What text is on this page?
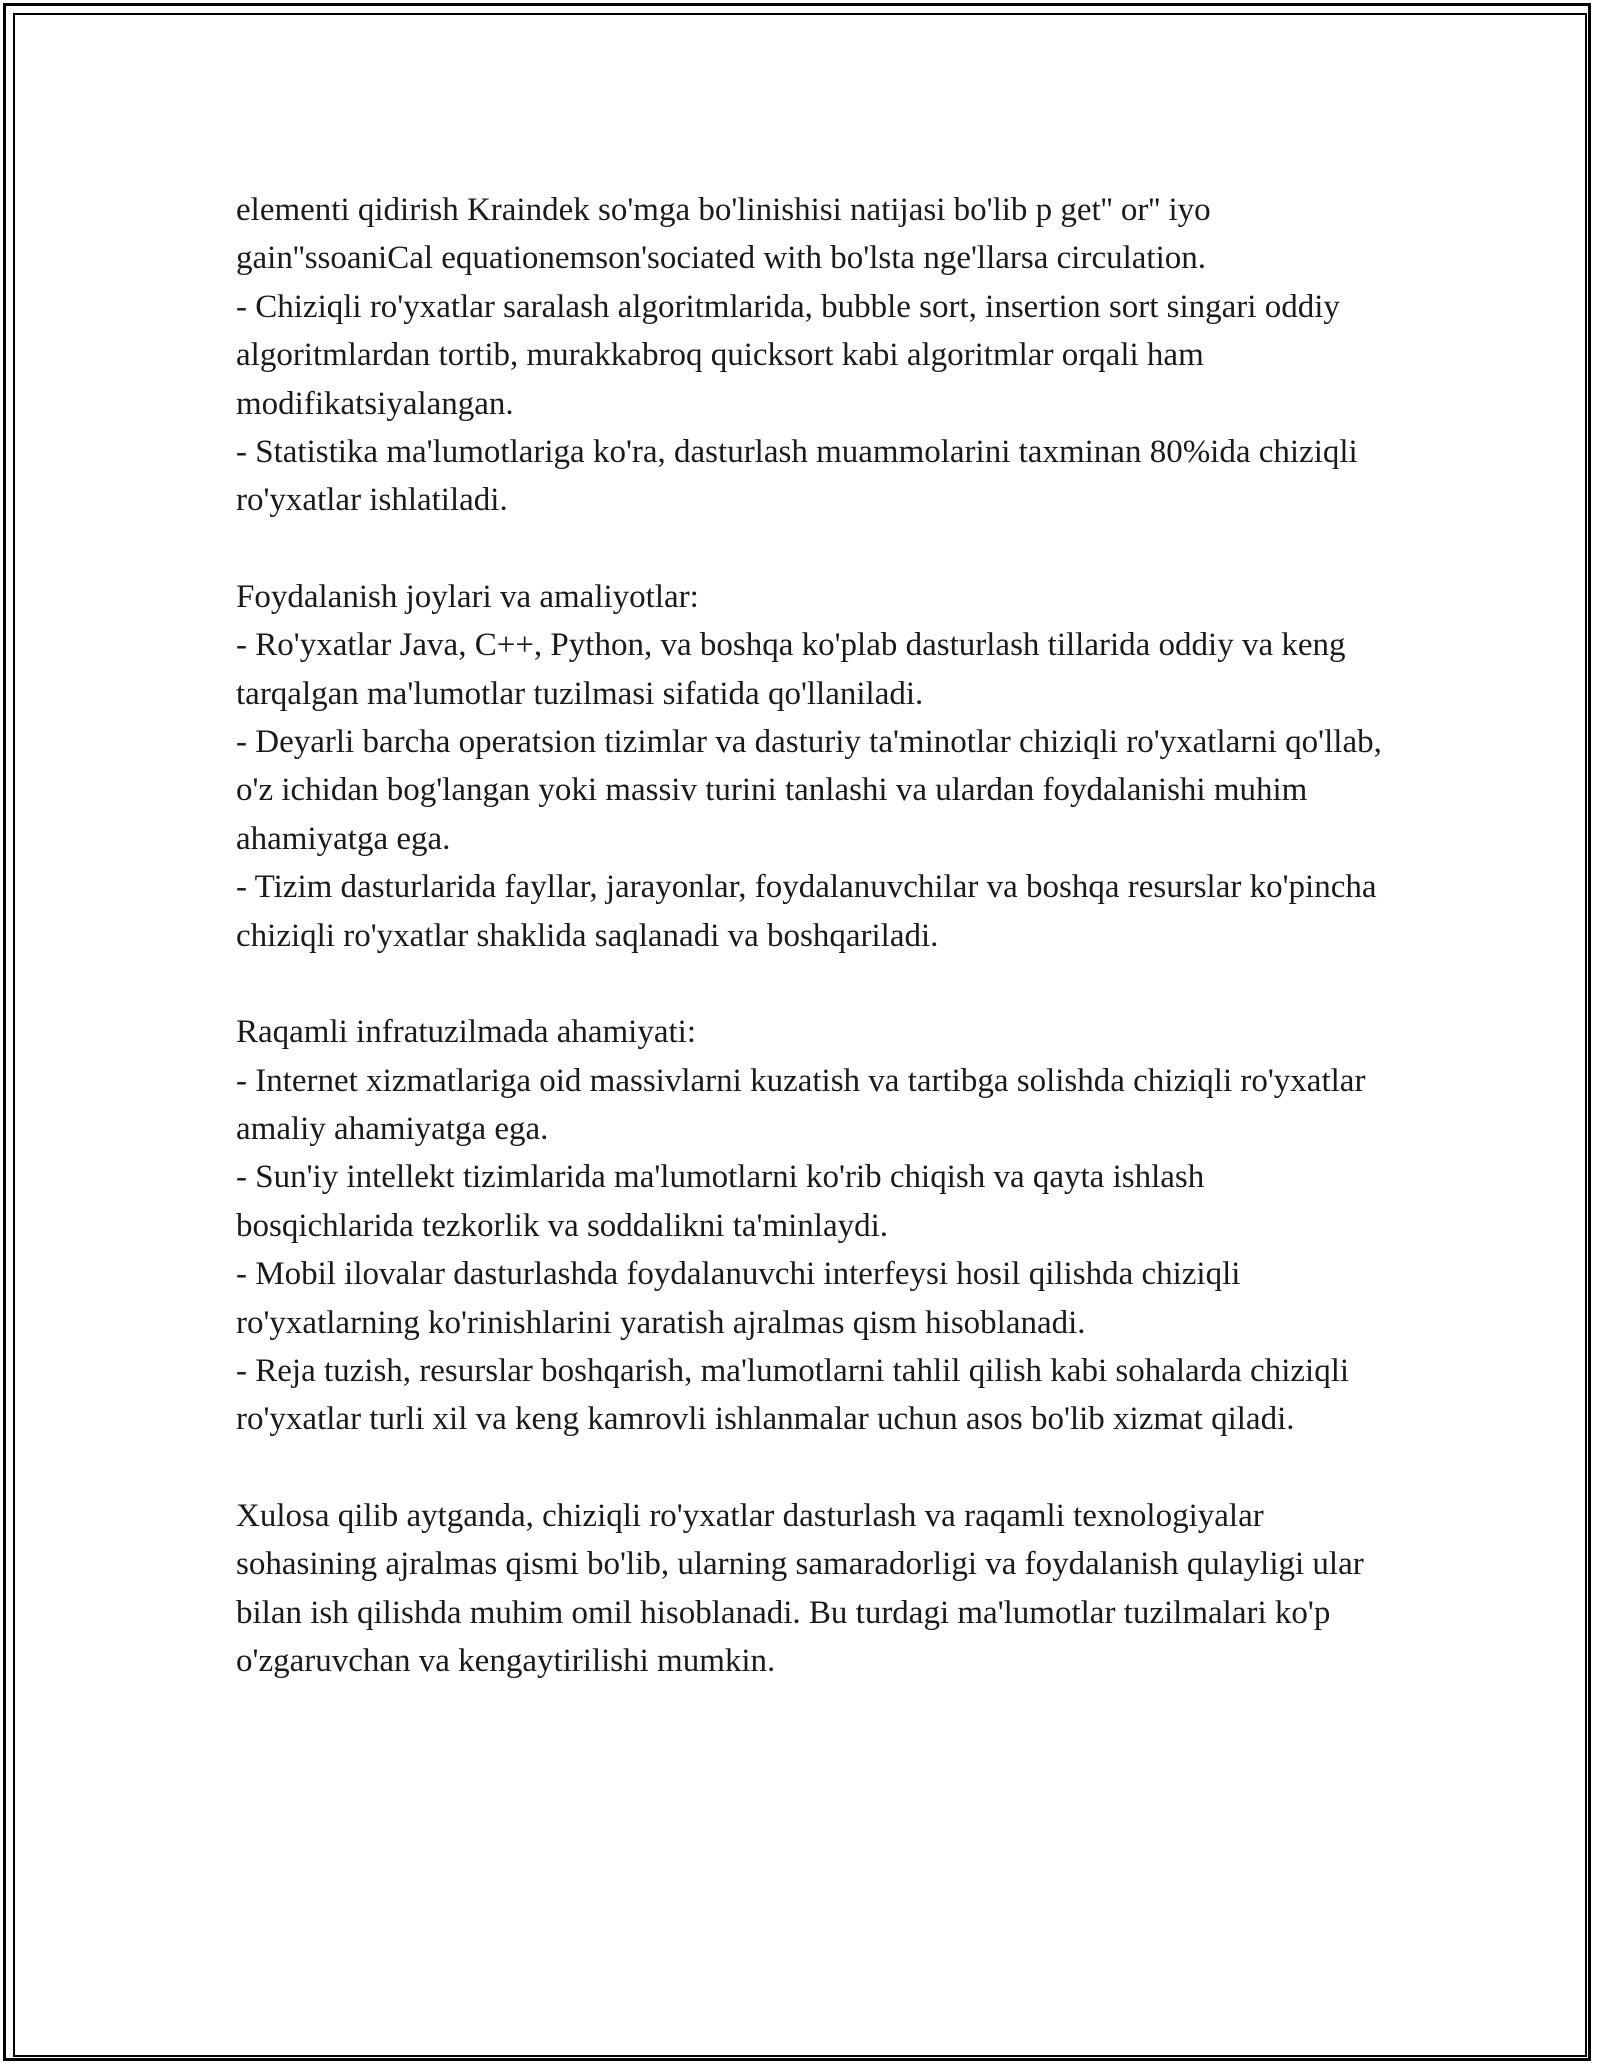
elementi qidirish Kraindek so'mga bo'linishisi natijasi bo'lib p get'' or'' iyo

gain''ssoaniCal equationemson'sociated with bo'lsta nge'llarsa circulation.

- Chiziqli ro'yxatlar saralash algoritmlarida, bubble sort, insertion sort singari oddiy algoritmlardan tortib, murakkabroq quicksort kabi algoritmlar orqali ham modifikatsiyalangan.

- Statistika ma'lumotlariga ko'ra, dasturlash muammolarini taxminan 80%ida chiziqli ro'yxatlar ishlatiladi.

Foydalanish joylari va amaliyotlar:

- Ro'yxatlar Java, C++, Python, va boshqa ko'plab dasturlash tillarida oddiy va keng tarqalgan ma'lumotlar tuzilmasi sifatida qo'llaniladi.

- Deyarli barcha operatsion tizimlar va dasturiy ta'minotlar chiziqli ro'yxatlarni qo'llab, o'z ichidan bog'langan yoki massiv turini tanlashi va ulardan foydalanishi muhim ahamiyatga ega.

- Tizim dasturlarida fayllar, jarayonlar, foydalanuvchilar va boshqa resurslar ko'pincha chiziqli ro'yxatlar shaklida saqlanadi va boshqariladi.

Raqamli infratuzilmada ahamiyati:

- Internet xizmatlariga oid massivlarni kuzatish va tartibga solishda chiziqli ro'yxatlar amaliy ahamiyatga ega.

- Sun'iy intellekt tizimlarida ma'lumotlarni ko'rib chiqish va qayta ishlash bosqichlarida tezkorlik va soddalikni ta'minlaydi.

- Mobil ilovalar dasturlashda foydalanuvchi interfeysi hosil qilishda chiziqli ro'yxatlarning ko'rinishlarini yaratish ajralmas qism hisoblanadi.

- Reja tuzish, resurslar boshqarish, ma'lumotlarni tahlil qilish kabi sohalarda chiziqli ro'yxatlar turli xil va keng kamrovli ishlanmalar uchun asos bo'lib xizmat qiladi.

Xulosa qilib aytganda, chiziqli ro'yxatlar dasturlash va raqamli texnologiyalar sohasining ajralmas qismi bo'lib, ularning samaradorligi va foydalanish qulayligi ular bilan ish qilishda muhim omil hisoblanadi. Bu turdagi ma'lumotlar tuzilmalari ko'p o'zgaruvchan va kengaytirilishi mumkin.
